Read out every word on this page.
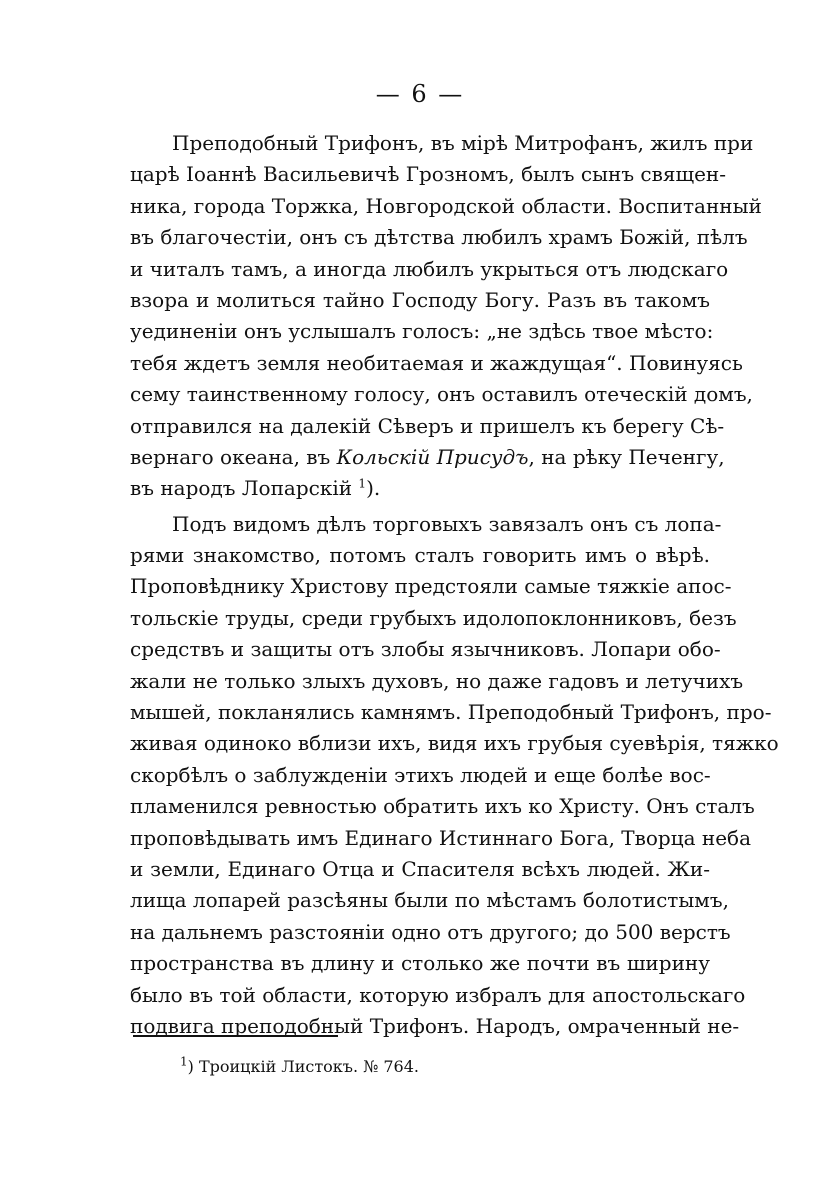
— 6 —
Преподобный Трифонъ, въ мірѣ Митрофанъ, жилъ при
царѣ Іоаннѣ Васильевичѣ Грозномъ, былъ сынъ священ-
ника, города Торжка, Новгородской области. Воспитанный
въ благочестіи, онъ съ дѣтства любилъ храмъ Божій, пѣлъ
и читалъ тамъ, а иногда любилъ укрыться отъ людскаго
взора и молиться тайно Господу Богу. Разъ въ такомъ
уединеніи онъ услышалъ голосъ: „не здѣсь твое мѣсто:
тебя ждетъ земля необитаемая и жаждущая“. Повинуясь
сему таинственному голосу, онъ оставилъ отеческій домъ,
отправился на далекій Сѣверъ и пришелъ къ берегу Сѣ-
вернаго океана, въ Кольскій Присудъ, на рѣку Печенгу,
въ народъ Лопарскій $^1$).
Подъ видомъ дѣлъ торговыхъ завязалъ онъ съ лопа-
рями знакомство, потомъ сталъ говорить имъ о вѣрѣ.
Проповѣднику Христову предстояли самые тяжкіе апос-
тольскіе труды, среди грубыхъ идолопоклонниковъ, безъ
средствъ и защиты отъ злобы язычниковъ. Лопари обо-
жали не только злыхъ духовъ, но даже гадовъ и летучихъ
мышей, покланялись камнямъ. Преподобный Трифонъ, про-
живая одиноко вблизи ихъ, видя ихъ грубыя суевѣрія, тяжко
скорбѣлъ о заблужденіи этихъ людей и еще болѣе вос-
пламенился ревностью обратить ихъ ко Христу. Онъ сталъ
проповѣдывать имъ Единаго Истиннаго Бога, Творца неба
и земли, Единаго Отца и Спасителя всѣхъ людей. Жи-
лища лопарей разсѣяны были по мѣстамъ болотистымъ,
на дальнемъ разстояніи одно отъ другого; до 500 верстъ
пространства въ длину и столько же почти въ ширину
было въ той области, которую избралъ для апостольскаго
подвига преподобный Трифонъ. Народъ, омраченный не-
$^1$) Троицкій Листокъ. № 764.
